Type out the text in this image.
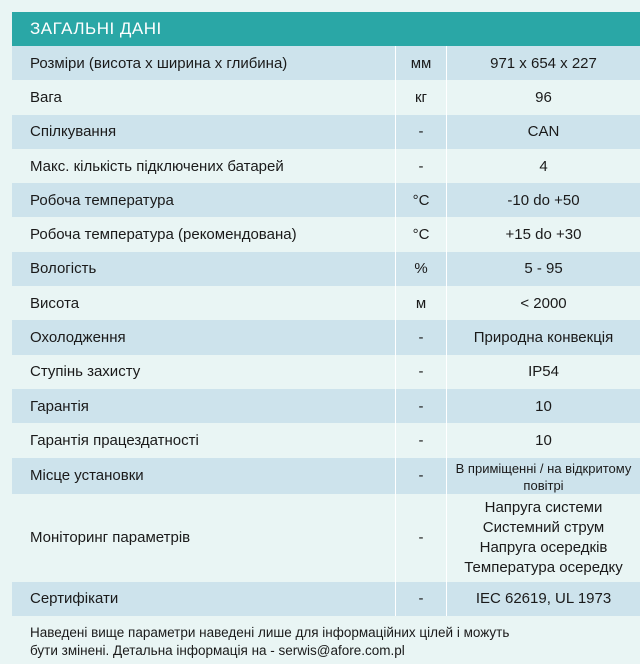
ЗАГАЛЬНІ ДАНІ
Розміри (висота х ширина х глибина)	мм	971 х 654 х 227
Вага	кг	96
Спілкування	-	CAN
Макс. кількість підключених батарей	-	4
Робоча температура	°C	-10 do +50
Робоча температура (рекомендована)	°C	+15 do +30
Вологість	%	5 - 95
Висота	м	< 2000
Охолодження	-	Природна конвекція
Ступінь захисту	-	IP54
Гарантія	-	10
Гарантія працездатності	-	10
Місце установки	-	В приміщенні / на відкритому повітрі
Моніторинг параметрів	-	Напруга системи
Системний струм
Напруга осередків
Температура осередку

Сертифікати	-	IEC 62619, UL 1973
Наведені вище параметри наведені лише для інформаційних цілей і можуть
бути змінені. Детальна інформація на - serwis@afore.com.pl
